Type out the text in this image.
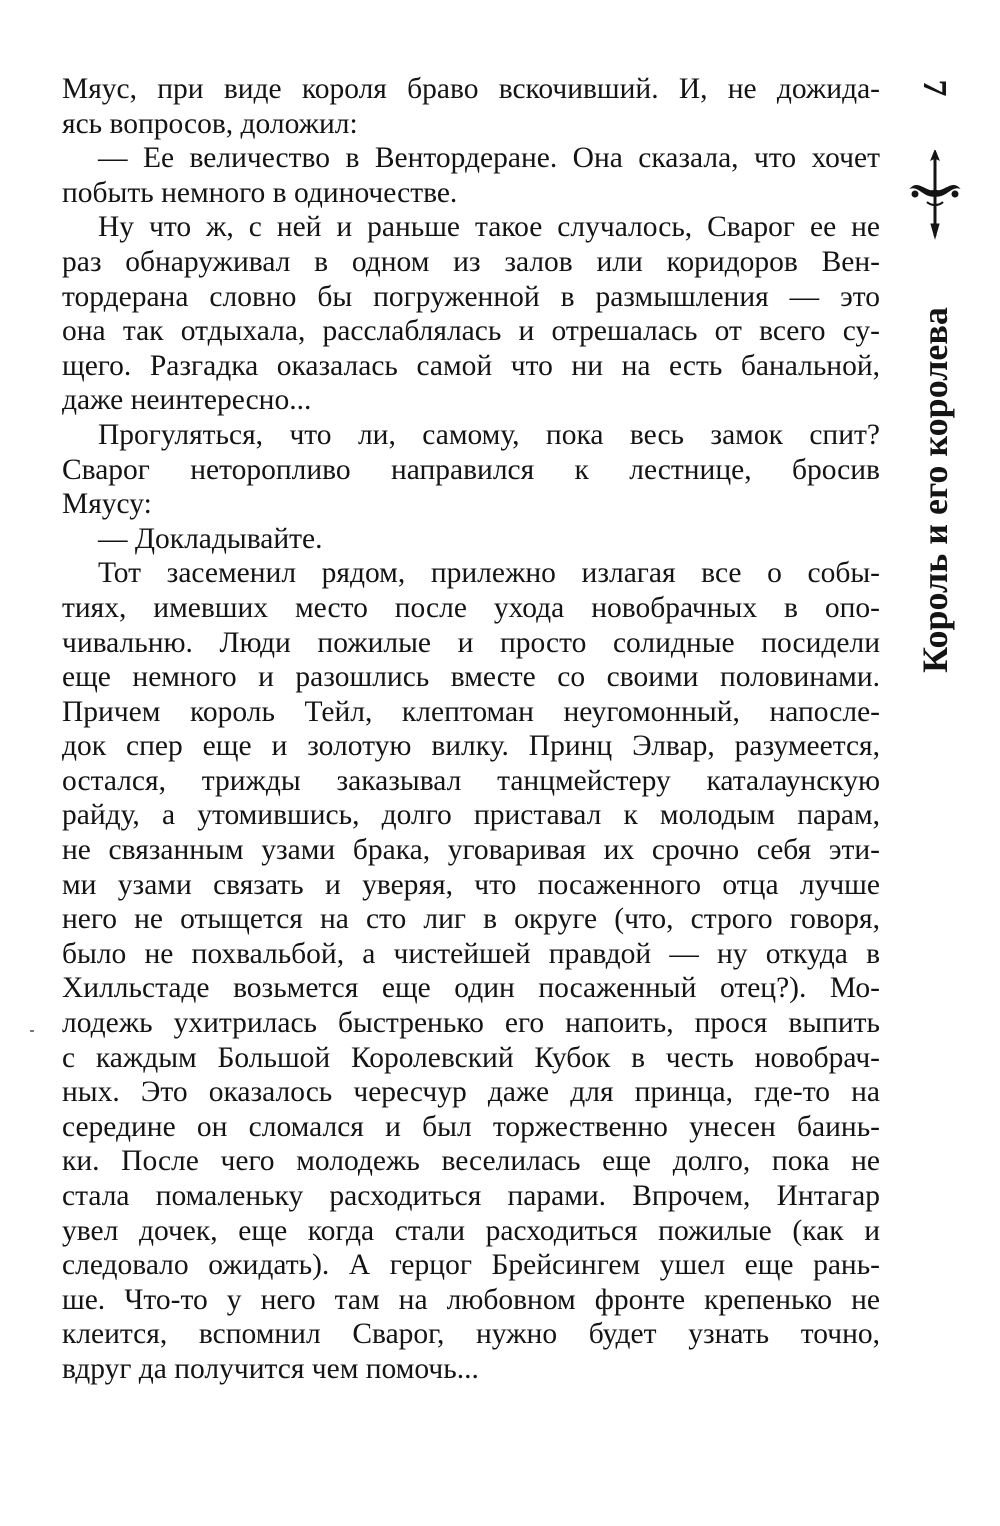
Мяус, при виде короля браво вскочивший. И, не дожида-
ясь вопросов, доложил:
— Ее величество в Вентордеране. Она сказала, что хочет
побыть немного в одиночестве.
Ну что ж, с ней и раньше такое случалось, Сварог ее не
раз обнаруживал в одном из залов или коридоров Вен-
тордерана словно бы погруженной в размышления — это
она так отдыхала, расслаблялась и отрешалась от всего су-
щего. Разгадка оказалась самой что ни на есть банальной,
даже неинтересно...
Прогуляться, что ли, самому, пока весь замок спит?
Сварог неторопливо направился к лестнице, бросив
Мяусу:
— Докладывайте.
Тот засеменил рядом, прилежно излагая все о собы-
тиях, имевших место после ухода новобрачных в опо-
чивальню. Люди пожилые и просто солидные посидели
еще немного и разошлись вместе со своими половинами.
Причем король Тейл, клептоман неугомонный, напосле-
док спер еще и золотую вилку. Принц Элвар, разумеется,
остался, трижды заказывал танцмейстеру каталаунскую
райду, а утомившись, долго приставал к молодым парам,
не связанным узами брака, уговаривая их срочно себя эти-
ми узами связать и уверяя, что посаженного отца лучше
него не отыщется на сто лиг в округе (что, строго говоря,
было не похвальбой, а чистейшей правдой — ну откуда в
Хилльстаде возьмется еще один посаженный отец?). Мо-
лодежь ухитрилась быстренько его напоить, прося выпить
с каждым Большой Королевский Кубок в честь новобрач-
ных. Это оказалось чересчур даже для принца, где-то на
середине он сломался и был торжественно унесен баинь-
ки. После чего молодежь веселилась еще долго, пока не
стала помаленьку расходиться парами. Впрочем, Интагар
увел дочек, еще когда стали расходиться пожилые (как и
следовало ожидать). А герцог Брейсингем ушел еще рань-
ше. Что-то у него там на любовном фронте крепенько не
клеится, вспомнил Сварог, нужно будет узнать точно,
вдруг да получится чем помочь...
7
Король и его королева
